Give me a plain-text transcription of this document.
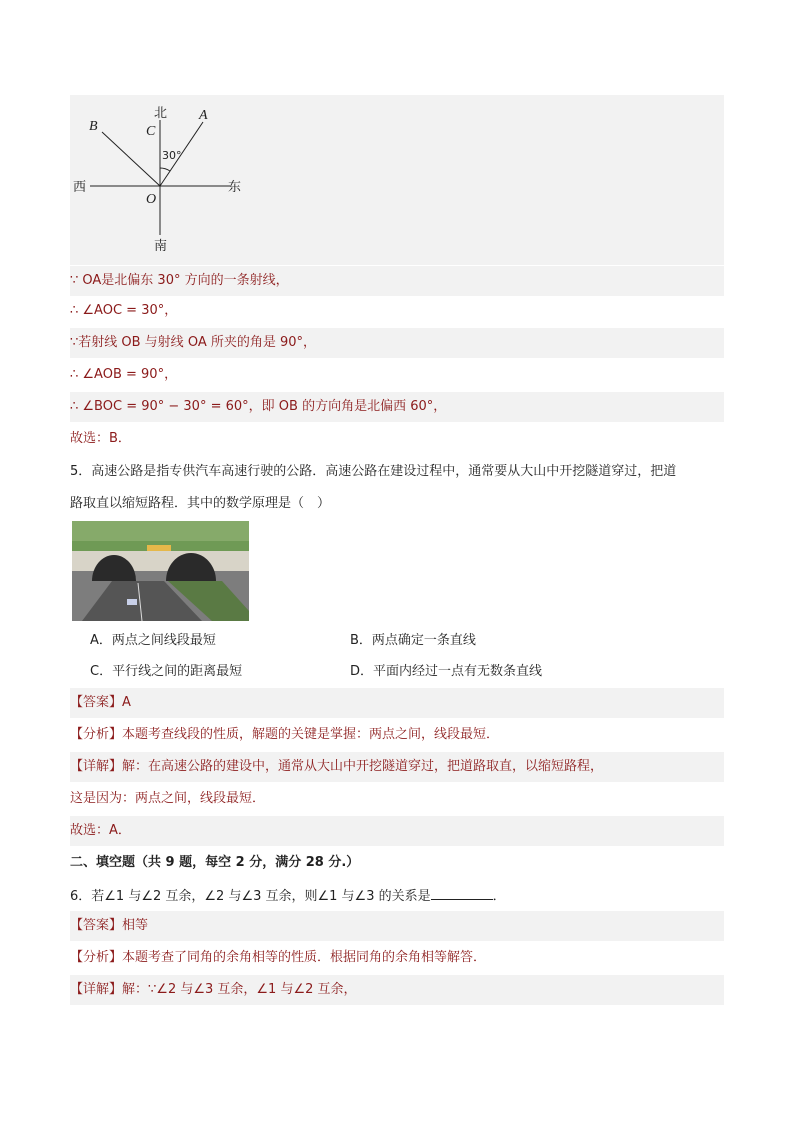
北
南
东
西
A
B	C
O
30°
∵ OA是北偏东 30° 方向的一条射线，
∴ ∠AOC = 30°，
∵若射线 OB 与射线 OA 所夹的角是 90°，
∴ ∠AOB = 90°，
∴ ∠BOC = 90° − 30° = 60°，即 OB 的方向角是北偏西 60°，
故选：B．
5．高速公路是指专供汽车高速行驶的公路．高速公路在建设过程中，通常要从大山中开挖隧道穿过，把道
路取直以缩短路程．其中的数学原理是（　）
A．两点之间线段最短	B．两点确定一条直线
C．平行线之间的距离最短	D．平面内经过一点有无数条直线
【答案】A
【分析】本题考查线段的性质，解题的关键是掌握：两点之间，线段最短．
【详解】解：在高速公路的建设中，通常从大山中开挖隧道穿过，把道路取直，以缩短路程，
这是因为：两点之间，线段最短．
故选：A．
二、填空题（共 9 题，每空 2 分，满分 28 分.）
6．若∠1 与∠2 互余，∠2 与∠3 互余，则∠1 与∠3 的关系是	．
【答案】相等
【分析】本题考查了同角的余角相等的性质．根据同角的余角相等解答．
【详解】解：∵∠2 与∠3 互余，∠1 与∠2 互余，
